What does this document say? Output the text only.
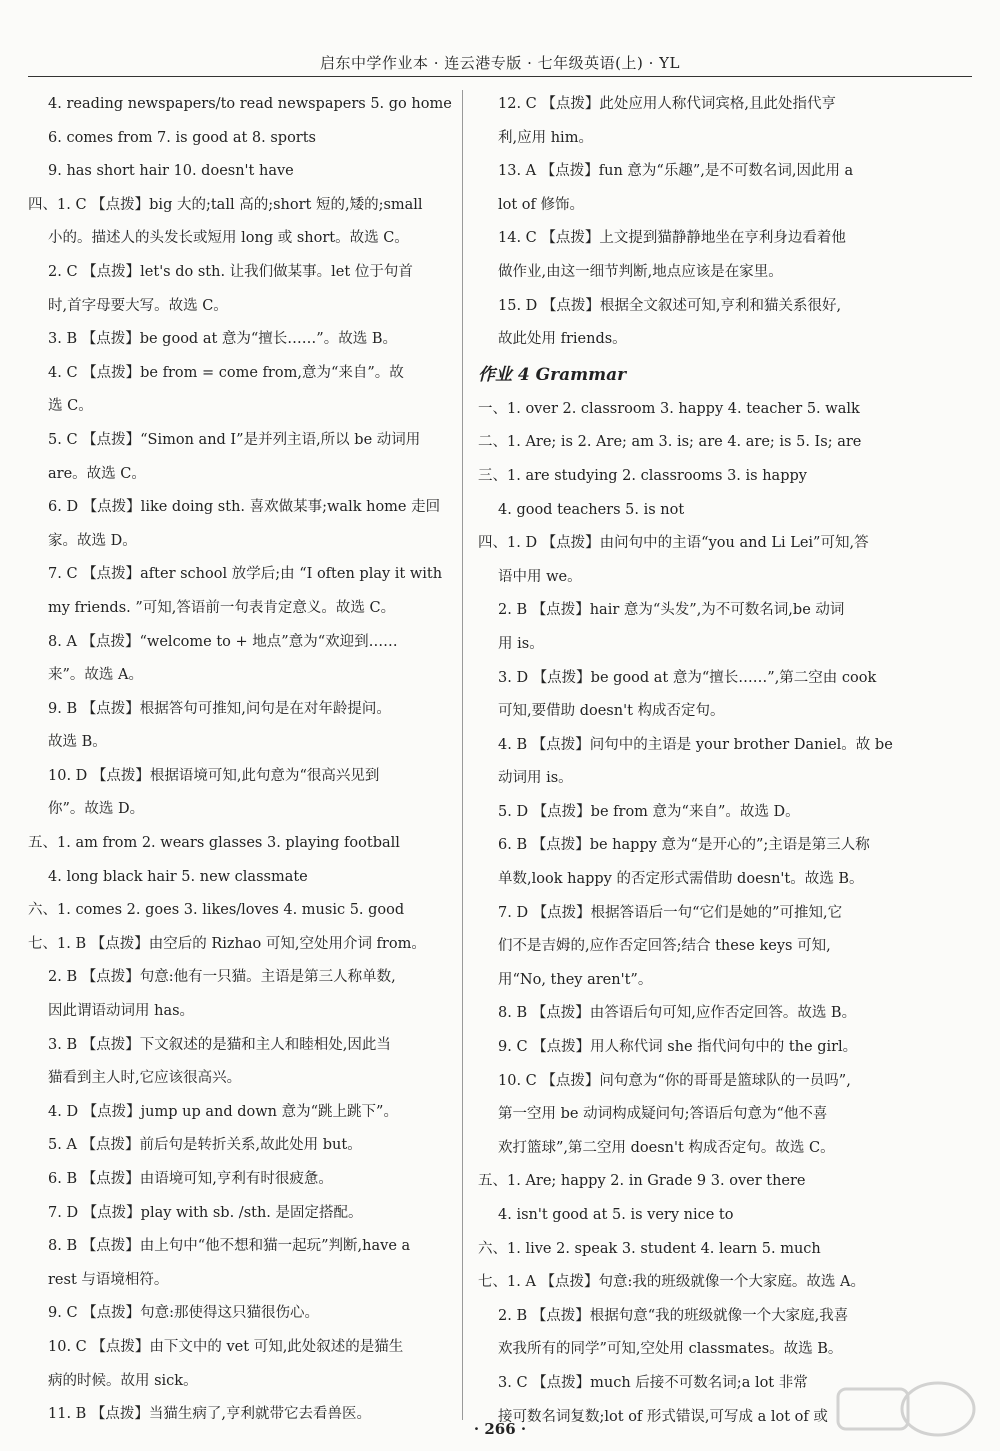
启东中学作业本 · 连云港专版 · 七年级英语(上) · YL
4. reading newspapers/to read newspapers 5. go home
6. comes from 7. is good at 8. sports
9. has short hair 10. doesn't have
四、1. C 【点拨】big 大的;tall 高的;short 短的,矮的;small
小的。描述人的头发长或短用 long 或 short。故选 C。
2. C 【点拨】let's do sth. 让我们做某事。let 位于句首
时,首字母要大写。故选 C。
3. B 【点拨】be good at 意为“擅长……”。故选 B。
4. C 【点拨】be from = come from,意为“来自”。故
选 C。
5. C 【点拨】“Simon and I”是并列主语,所以 be 动词用
are。故选 C。
6. D 【点拨】like doing sth. 喜欢做某事;walk home 走回
家。故选 D。
7. C 【点拨】after school 放学后;由 “I often play it with
my friends. ”可知,答语前一句表肯定意义。故选 C。
8. A 【点拨】“welcome to + 地点”意为“欢迎到……
来”。故选 A。
9. B 【点拨】根据答句可推知,问句是在对年龄提问。
故选 B。
10. D 【点拨】根据语境可知,此句意为“很高兴见到
你”。故选 D。
五、1. am from 2. wears glasses 3. playing football
4. long black hair 5. new classmate
六、1. comes 2. goes 3. likes/loves 4. music 5. good
七、1. B 【点拨】由空后的 Rizhao 可知,空处用介词 from。
2. B 【点拨】句意:他有一只猫。主语是第三人称单数,
因此谓语动词用 has。
3. B 【点拨】下文叙述的是猫和主人和睦相处,因此当
猫看到主人时,它应该很高兴。
4. D 【点拨】jump up and down 意为“跳上跳下”。
5. A 【点拨】前后句是转折关系,故此处用 but。
6. B 【点拨】由语境可知,亨利有时很疲惫。
7. D 【点拨】play with sb. /sth. 是固定搭配。
8. B 【点拨】由上句中“他不想和猫一起玩”判断,have a
rest 与语境相符。
9. C 【点拨】句意:那使得这只猫很伤心。
10. C 【点拨】由下文中的 vet 可知,此处叙述的是猫生
病的时候。故用 sick。
11. B 【点拨】当猫生病了,亨利就带它去看兽医。
12. C 【点拨】此处应用人称代词宾格,且此处指代亨
利,应用 him。
13. A 【点拨】fun 意为“乐趣”,是不可数名词,因此用 a
lot of 修饰。
14. C 【点拨】上文提到猫静静地坐在亨利身边看着他
做作业,由这一细节判断,地点应该是在家里。
15. D 【点拨】根据全文叙述可知,亨利和猫关系很好,
故此处用 friends。
作业 4 Grammar
一、1. over 2. classroom 3. happy 4. teacher 5. walk
二、1. Are; is 2. Are; am 3. is; are 4. are; is 5. Is; are
三、1. are studying 2. classrooms 3. is happy
4. good teachers 5. is not
四、1. D 【点拨】由问句中的主语“you and Li Lei”可知,答
语中用 we。
2. B 【点拨】hair 意为“头发”,为不可数名词,be 动词
用 is。
3. D 【点拨】be good at 意为“擅长……”,第二空由 cook
可知,要借助 doesn't 构成否定句。
4. B 【点拨】问句中的主语是 your brother Daniel。故 be
动词用 is。
5. D 【点拨】be from 意为“来自”。故选 D。
6. B 【点拨】be happy 意为“是开心的”;主语是第三人称
单数,look happy 的否定形式需借助 doesn't。故选 B。
7. D 【点拨】根据答语后一句“它们是她的”可推知,它
们不是吉姆的,应作否定回答;结合 these keys 可知,
用“No, they aren't”。
8. B 【点拨】由答语后句可知,应作否定回答。故选 B。
9. C 【点拨】用人称代词 she 指代问句中的 the girl。
10. C 【点拨】问句意为“你的哥哥是篮球队的一员吗”,
第一空用 be 动词构成疑问句;答语后句意为“他不喜
欢打篮球”,第二空用 doesn't 构成否定句。故选 C。
五、1. Are; happy 2. in Grade 9 3. over there
4. isn't good at 5. is very nice to
六、1. live 2. speak 3. student 4. learn 5. much
七、1. A 【点拨】句意:我的班级就像一个大家庭。故选 A。
2. B 【点拨】根据句意“我的班级就像一个大家庭,我喜
欢我所有的同学”可知,空处用 classmates。故选 B。
3. C 【点拨】much 后接不可数名词;a lot 非常
接可数名词复数;lot of 形式错误,可写成 a lot of 或
· 266 ·
